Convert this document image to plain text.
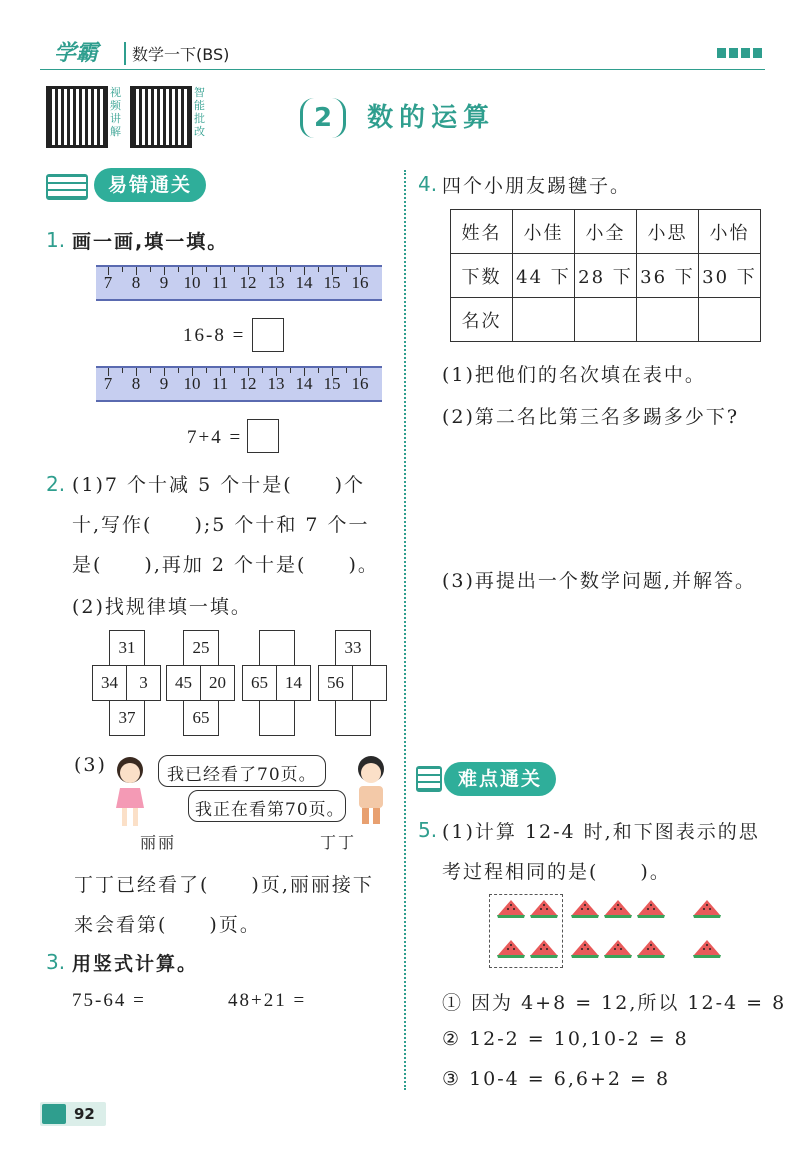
学霸	数学一下(BS)
视频讲解
智能批改	2 数的运算
易错通关
1. 画一画,填一填。
7 8 9 10 11 12 13 14 15 16
16-8 =
7 8 9 10 11 12 13 14 15 16
7+4 =
2. (1)7 个十减 5 个十是(　　)个
十,写作(　　);5 个十和 7 个一
是(　　),再加 2 个十是(　　)。
(2)找规律填一填。
31
34	3
37
25
45	20
65
65	14
33
56
(3)	我已经看了70页。
我正在看第70页。
丽丽	丁丁
丁丁已经看了(　　)页,丽丽接下
来会看第(　　)页。
3. 用竖式计算。
75-64 =	48+21 =
4. 四个小朋友踢毽子。
姓名	小佳	小全	小思	小怡
下数	44 下	28 下	36 下	30 下
名次				
(1)把他们的名次填在表中。
(2)第二名比第三名多踢多少下?
(3)再提出一个数学问题,并解答。
难点通关
5. (1)计算 12-4 时,和下图表示的思
考过程相同的是(　　)。
① 因为 4+8 = 12,所以 12-4 = 8
② 12-2 = 10,10-2 = 8
③ 10-4 = 6,6+2 = 8
92
